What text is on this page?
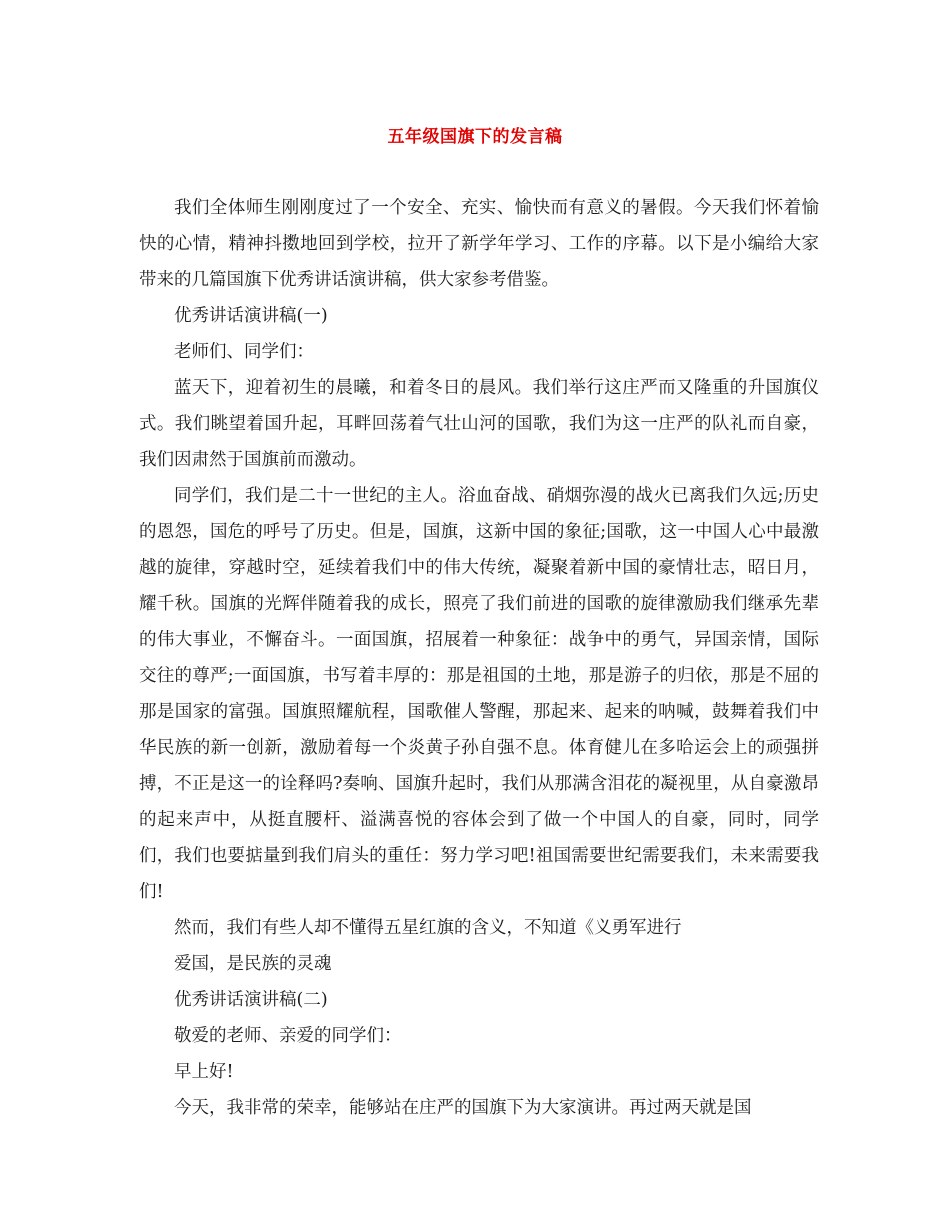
五年级国旗下的发言稿

我们全体师生刚刚度过了一个安全、充实、愉快而有意义的暑假。今天我们怀着愉快的心情，精神抖擞地回到学校，拉开了新学年学习、工作的序幕。以下是小编给大家带来的几篇国旗下优秀讲话演讲稿，供大家参考借鉴。

优秀讲话演讲稿(一)

老师们、同学们：

蓝天下，迎着初生的晨曦，和着冬日的晨风。我们举行这庄严而又隆重的升国旗仪式。我们眺望着国升起，耳畔回荡着气壮山河的国歌，我们为这一庄严的队礼而自豪，我们因肃然于国旗前而激动。

同学们，我们是二十一世纪的主人。浴血奋战、硝烟弥漫的战火已离我们久远;历史的恩怨，国危的呼号了历史。但是，国旗，这新中国的象征;国歌，这一中国人心中最激越的旋律，穿越时空，延续着我们中的伟大传统，凝聚着新中国的豪情壮志，昭日月，耀千秋。国旗的光辉伴随着我的成长，照亮了我们前进的国歌的旋律激励我们继承先辈的伟大事业，不懈奋斗。一面国旗，招展着一种象征：战争中的勇气，异国亲情，国际交往的尊严;一面国旗，书写着丰厚的：那是祖国的土地，那是游子的归依，那是不屈的那是国家的富强。国旗照耀航程，国歌催人警醒，那起来、起来的呐喊，鼓舞着我们中华民族的新一创新，激励着每一个炎黄子孙自强不息。体育健儿在多哈运会上的顽强拼搏，不正是这一的诠释吗?奏响、国旗升起时，我们从那满含泪花的凝视里，从自豪激昂的起来声中，从挺直腰杆、溢满喜悦的容体会到了做一个中国人的自豪，同时，同学们，我们也要掂量到我们肩头的重任：努力学习吧!祖国需要世纪需要我们，未来需要我们!

然而，我们有些人却不懂得五星红旗的含义，不知道《义勇军进行

爱国，是民族的灵魂

优秀讲话演讲稿(二)

敬爱的老师、亲爱的同学们：

早上好!

今天，我非常的荣幸，能够站在庄严的国旗下为大家演讲。再过两天就是国
